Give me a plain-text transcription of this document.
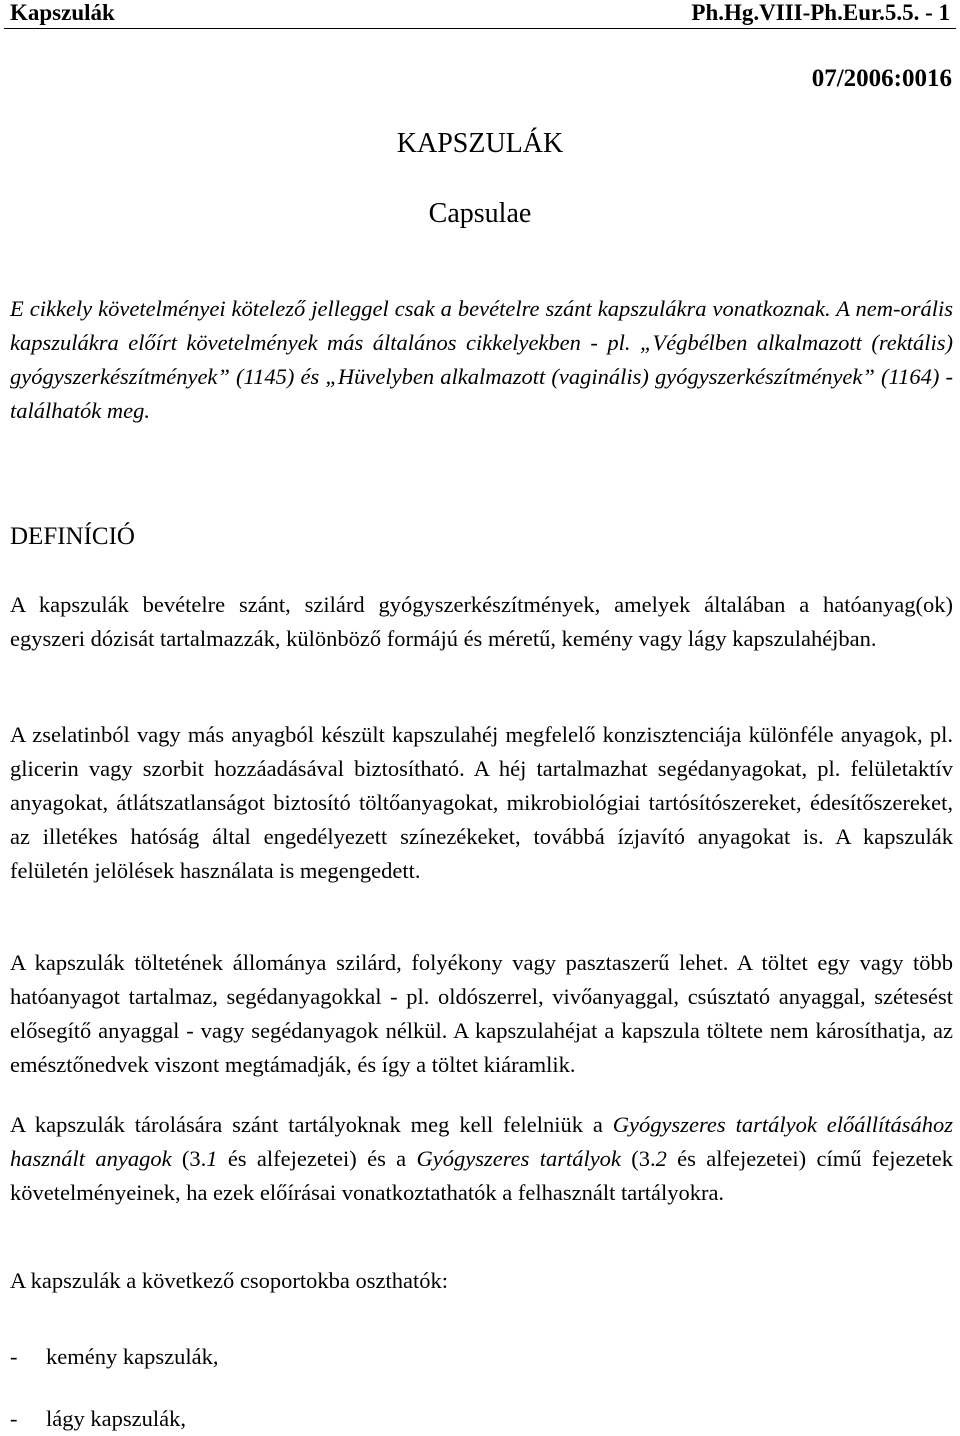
Kapszulák	Ph.Hg.VIII-Ph.Eur.5.5. - 1
07/2006:0016
KAPSZULÁK
Capsulae

E cikkely követelményei kötelező jelleggel csak a bevételre szánt kapszulákra vonatkoznak. A nem-orális kapszulákra előírt követelmények más általános cikkelyekben - pl. „Végbélben alkalmazott (rektális) gyógyszerkészítmények” (1145) és „Hüvelyben alkalmazott (vaginális) gyógyszerkészítmények” (1164) - találhatók meg.

DEFINÍCIÓ

A kapszulák bevételre szánt, szilárd gyógyszerkészítmények, amelyek általában a hatóanyag(ok) egyszeri dózisát tartalmazzák, különböző formájú és méretű, kemény vagy lágy kapszulahéjban.

A zselatinból vagy más anyagból készült kapszulahéj megfelelő konzisztenciája különféle anyagok, pl. glicerin vagy szorbit hozzáadásával biztosítható. A héj tartalmazhat segédanyagokat, pl. felületaktív anyagokat, átlátszatlanságot biztosító töltőanyagokat, mikrobiológiai tartósítószereket, édesítőszereket, az illetékes hatóság által engedélyezett színezékeket, továbbá ízjavító anyagokat is. A kapszulák felületén jelölések használata is megengedett.

A kapszulák töltetének állománya szilárd, folyékony vagy pasztaszerű lehet. A töltet egy vagy több hatóanyagot tartalmaz, segédanyagokkal - pl. oldószerrel, vivőanyaggal, csúsztató anyaggal, szétesést elősegítő anyaggal - vagy segédanyagok nélkül. A kapszulahéjat a kapszula töltete nem károsíthatja, az emésztőnedvek viszont megtámadják, és így a töltet kiáramlik.

A kapszulák tárolására szánt tartályoknak meg kell felelniük a Gyógyszeres tartályok előállításához használt anyagok (3.1 és alfejezetei) és a Gyógyszeres tartályok (3.2 és alfejezetei) című fejezetek követelményeinek, ha ezek előírásai vonatkoztathatók a felhasznált tartályokra.

A kapszulák a következő csoportokba oszthatók:

- kemény kapszulák,
- lágy kapszulák,
